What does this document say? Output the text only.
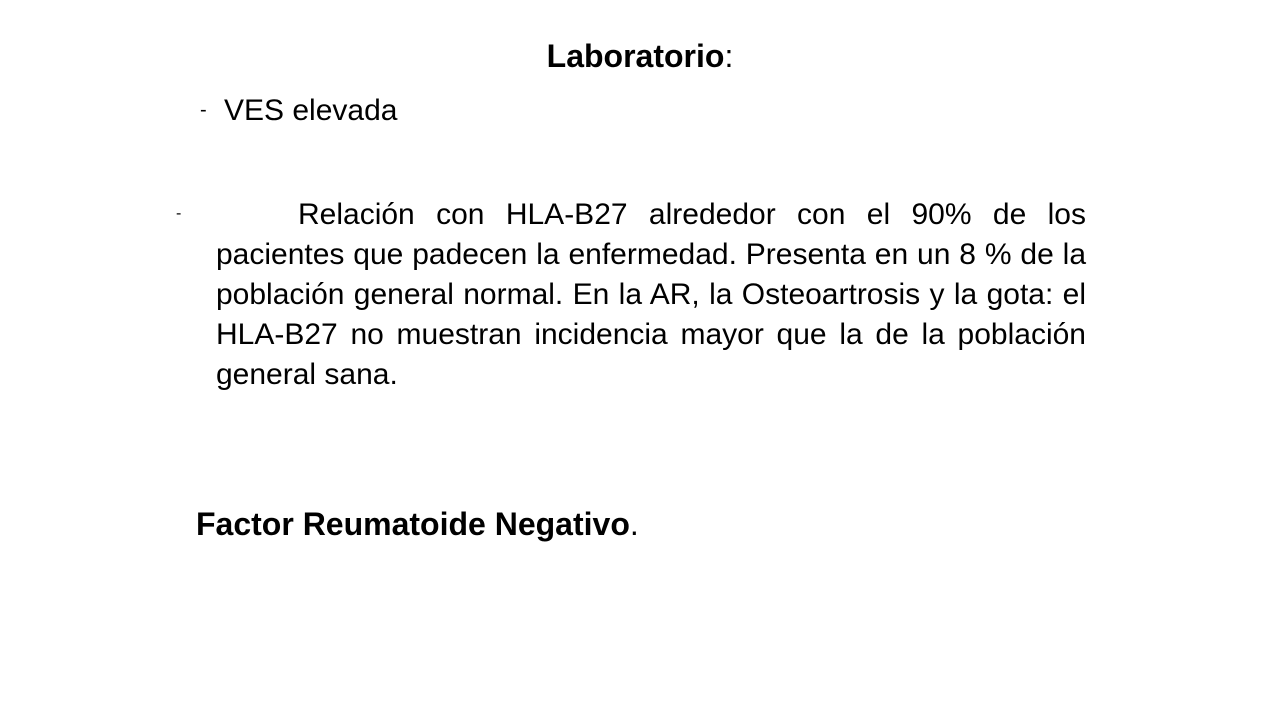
Laboratorio:
- VES elevada
-	Relación con HLA-B27 alrededor con el 90% de los pacientes que padecen la enfermedad. Presenta en un 8 % de la población general normal. En la AR, la Osteoartrosis y la gota: el HLA-B27 no muestran incidencia mayor que la de la población general sana.
Factor Reumatoide Negativo.
